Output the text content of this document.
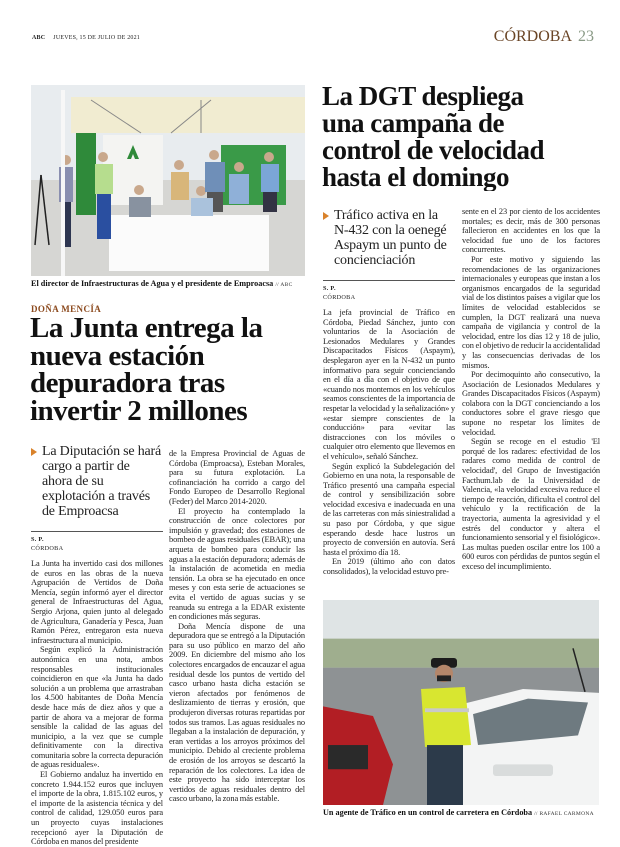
ABC JUEVES, 15 DE JULIO DE 2021	CÓRDOBA 23
El director de Infraestructuras de Agua y el presidente de Emproacsa // ABC
DOÑA MENCÍA
La Junta entrega la
nueva estación
depuradora tras
invertir 2 millones
La Diputación se hará cargo a partir de ahora de su explotación a través de Emproacsa
S. P.
CÓRDOBA

La Junta ha invertido casi dos millones de euros en las obras de la nueva Agrupación de Vertidos de Doña Mencía, según informó ayer el director general de Infraestructuras del Agua, Sergio Arjona, quien junto al delegado de Agricultura, Ganadería y Pesca, Juan Ramón Pérez, entregaron esta nueva infraestructura al municipio.

Según explicó la Administración autonómica en una nota, ambos responsables institucionales coincidieron en que «la Junta ha dado solución a un problema que arrastraban los 4.500 habitantes de Doña Mencía desde hace más de diez años y que a partir de ahora va a mejorar de forma sensible la calidad de las aguas del municipio, a la vez que se cumple definitivamente con la directiva comunitaria sobre la correcta depuración de aguas residuales».

El Gobierno andaluz ha invertido en concreto 1.944.152 euros que incluyen el importe de la obra, 1.815.102 euros, y el importe de la asistencia técnica y del control de calidad, 129.050 euros para un proyecto cuyas instalaciones recepcionó ayer la Diputación de Córdoba en manos del presidente

de la Empresa Provincial de Aguas de Córdoba (Emproacsa), Esteban Morales, para su futura explotación. La cofinanciación ha corrido a cargo del Fondo Europeo de Desarrollo Regional (Feder) del Marco 2014-2020.

El proyecto ha contemplado la construcción de once colectores por impulsión y gravedad; dos estaciones de bombeo de aguas residuales (EBAR); una arqueta de bombeo para conducir las aguas a la estación depuradora; además de la instalación de acometida en media tensión. La obra se ha ejecutado en once meses y con esta serie de actuaciones se evita el vertido de aguas sucias y se reanuda su entrega a la EDAR existente en condiciones más seguras.

Doña Mencía dispone de una depuradora que se entregó a la Diputación para su uso público en marzo del año 2009. En diciembre del mismo año los colectores encargados de encauzar el agua residual desde los puntos de vertido del casco urbano hasta dicha estación se vieron afectados por fenómenos de deslizamiento de tierras y erosión, que produjeron diversas roturas repartidas por todos sus tramos. Las aguas residuales no llegaban a la instalación de depuración, y eran vertidas a los arroyos próximos del municipio. Debido al creciente problema de erosión de los arroyos se descartó la reparación de los colectores. La idea de este proyecto ha sido interceptar los vertidos de aguas residuales dentro del casco urbano, la zona más estable.

La DGT despliega
una campaña de
control de velocidad
hasta el domingo
Tráfico activa en la N-432 con la oenegé Aspaym un punto de concienciación
S. P.
CÓRDOBA

La jefa provincial de Tráfico en Córdoba, Piedad Sánchez, junto con voluntarios de la Asociación de Lesionados Medulares y Grandes Discapacitados Físicos (Aspaym), desplegaron ayer en la N-432 un punto informativo para seguir concienciando en el día a día con el objetivo de que «cuando nos montemos en los vehículos seamos conscientes de la importancia de respetar la velocidad y la señalización» y «estar siempre conscientes de la conducción» para «evitar las distracciones con los móviles o cualquier otro elemento que llevemos en el vehículo», señaló Sánchez.

Según explicó la Subdelegación del Gobierno en una nota, la responsable de Tráfico presentó una campaña especial de control y sensibilización sobre velocidad excesiva e inadecuada en una de las carreteras con más siniestralidad a su paso por Córdoba, y que sigue esperando desde hace lustros un proyecto de conversión en autovía. Será hasta el próximo día 18.

En 2019 (último año con datos consolidados), la velocidad estuvo pre-

sente en el 23 por ciento de los accidentes mortales; es decir, más de 300 personas fallecieron en accidentes en los que la velocidad fue uno de los factores concurrentes.

Por este motivo y siguiendo las recomendaciones de las organizaciones internacionales y europeas que instan a los organismos encargados de la seguridad vial de los distintos países a vigilar que los límites de velocidad establecidos se cumplen, la DGT realizará una nueva campaña de vigilancia y control de la velocidad, entre los días 12 y 18 de julio, con el objetivo de reducir la accidentalidad y las consecuencias derivadas de los mismos.

Por decimoquinto año consecutivo, la Asociación de Lesionados Medulares y Grandes Discapacitados Físicos (Aspaym) colabora con la DGT concienciando a los conductores sobre el grave riesgo que supone no respetar los límites de velocidad.

Según se recoge en el estudio 'El porqué de los radares: efectividad de los radares como medida de control de velocidad', del Grupo de Investigación Facthum.lab de la Universidad de Valencia, «la velocidad excesiva reduce el tiempo de reacción, dificulta el control del vehículo y la rectificación de la trayectoria, aumenta la agresividad y el estrés del conductor y altera el funcionamiento sensorial y el fisiológico». Las multas pueden oscilar entre los 100 a 600 euros con pérdidas de puntos según el exceso del incumplimiento.

Un agente de Tráfico en un control de carretera en Córdoba // RAFAEL CARMONA
